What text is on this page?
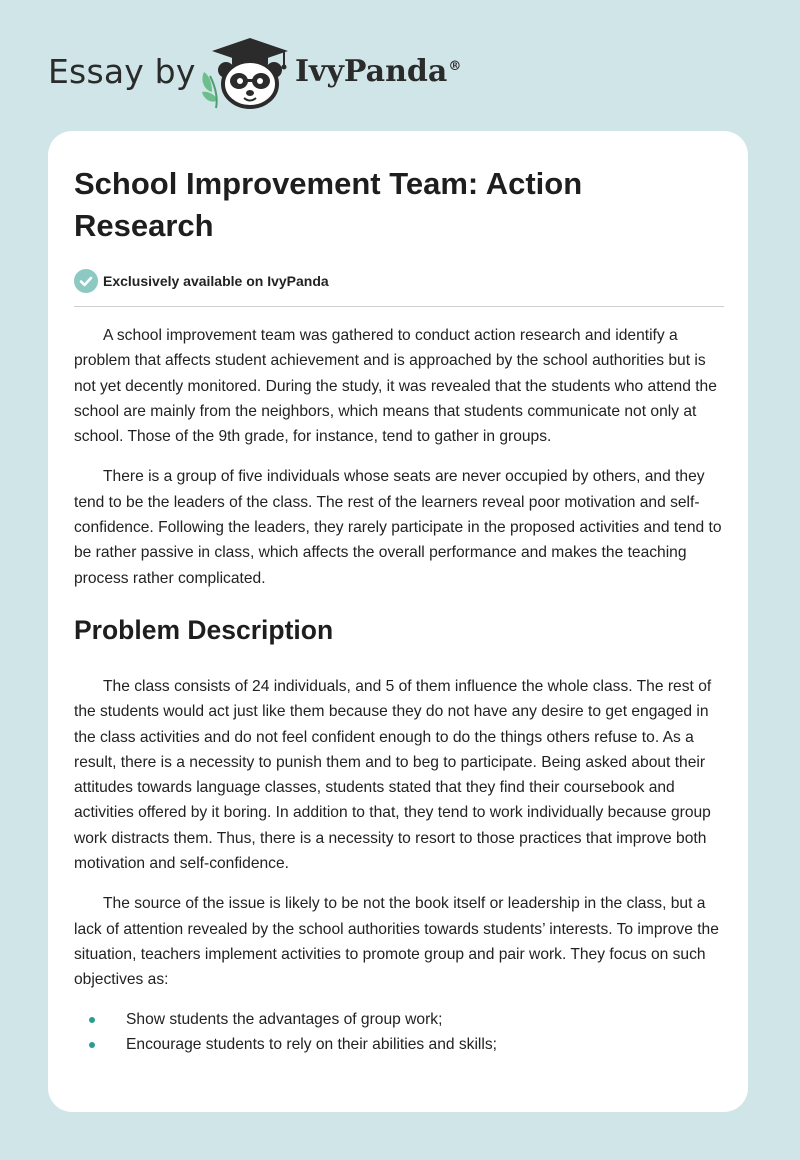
Essay by	IvyPanda®
School Improvement Team: Action Research
Exclusively available on IvyPanda

A school improvement team was gathered to conduct action research and identify a problem that affects student achievement and is approached by the school authorities but is not yet decently monitored. During the study, it was revealed that the students who attend the school are mainly from the neighbors, which means that students communicate not only at school. Those of the 9th grade, for instance, tend to gather in groups.

There is a group of five individuals whose seats are never occupied by others, and they tend to be the leaders of the class. The rest of the learners reveal poor motivation and self-confidence. Following the leaders, they rarely participate in the proposed activities and tend to be rather passive in class, which affects the overall performance and makes the teaching process rather complicated.

Problem Description

The class consists of 24 individuals, and 5 of them influence the whole class. The rest of the students would act just like them because they do not have any desire to get engaged in the class activities and do not feel confident enough to do the things others refuse to. As a result, there is a necessity to punish them and to beg to participate. Being asked about their attitudes towards language classes, students stated that they find their coursebook and activities offered by it boring. In addition to that, they tend to work individually because group work distracts them. Thus, there is a necessity to resort to those practices that improve both motivation and self-confidence.

The source of the issue is likely to be not the book itself or leadership in the class, but a lack of attention revealed by the school authorities towards students’ interests. To improve the situation, teachers implement activities to promote group and pair work. They focus on such objectives as:

Show students the advantages of group work;
Encourage students to rely on their abilities and skills;
